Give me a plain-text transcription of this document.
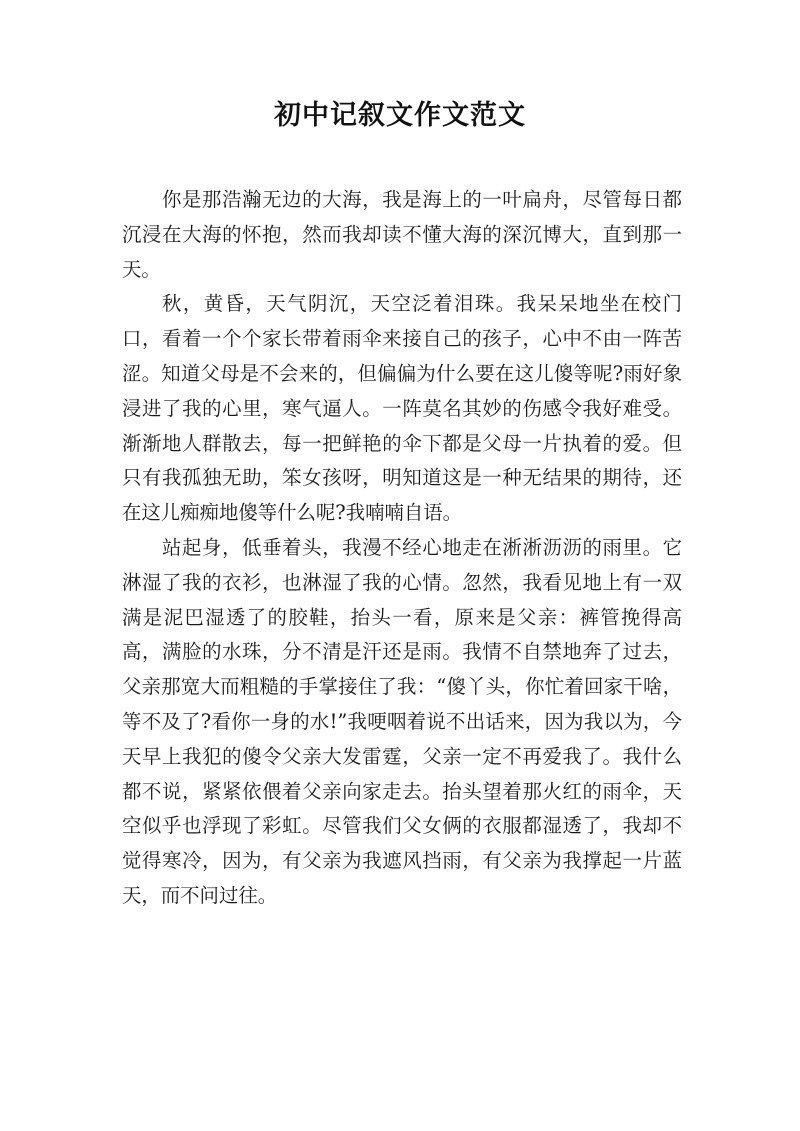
初中记叙文作文范文

你是那浩瀚无边的大海，我是海上的一叶扁舟，尽管每日都沉浸在大海的怀抱，然而我却读不懂大海的深沉博大，直到那一天。

秋，黄昏，天气阴沉，天空泛着泪珠。我呆呆地坐在校门口，看着一个个家长带着雨伞来接自己的孩子，心中不由一阵苦涩。知道父母是不会来的，但偏偏为什么要在这儿傻等呢?雨好象浸进了我的心里，寒气逼人。一阵莫名其妙的伤感令我好难受。渐渐地人群散去，每一把鲜艳的伞下都是父母一片执着的爱。但只有我孤独无助，笨女孩呀，明知道这是一种无结果的期待，还在这儿痴痴地傻等什么呢?我喃喃自语。

站起身，低垂着头，我漫不经心地走在淅淅沥沥的雨里。它淋湿了我的衣衫，也淋湿了我的心情。忽然，我看见地上有一双满是泥巴湿透了的胶鞋，抬头一看，原来是父亲：裤管挽得高高，满脸的水珠，分不清是汗还是雨。我情不自禁地奔了过去，父亲那宽大而粗糙的手掌接住了我：“傻丫头，你忙着回家干啥，等不及了?看你一身的水!”我哽咽着说不出话来，因为我以为，今天早上我犯的傻令父亲大发雷霆，父亲一定不再爱我了。我什么都不说，紧紧依偎着父亲向家走去。抬头望着那火红的雨伞，天空似乎也浮现了彩虹。尽管我们父女俩的衣服都湿透了，我却不觉得寒冷，因为，有父亲为我遮风挡雨，有父亲为我撑起一片蓝天，而不问过往。
